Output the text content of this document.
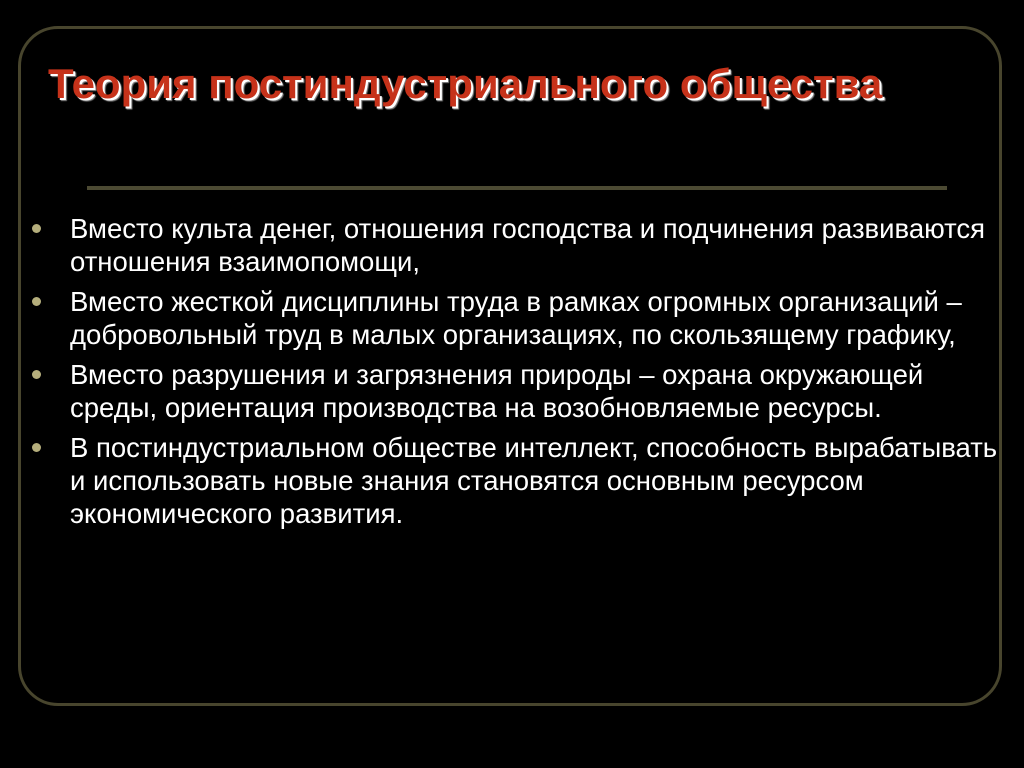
Теория постиндустриального общества
Вместо культа денег, отношения господства и подчинения развиваются отношения взаимопомощи,
Вместо жесткой дисциплины труда в рамках огромных организаций – добровольный труд в малых организациях, по скользящему графику,
Вместо разрушения и загрязнения природы – охрана окружающей среды, ориентация производства на возобновляемые ресурсы.
В постиндустриальном обществе интеллект, способность вырабатывать и использовать новые знания становятся основным ресурсом экономического развития.
